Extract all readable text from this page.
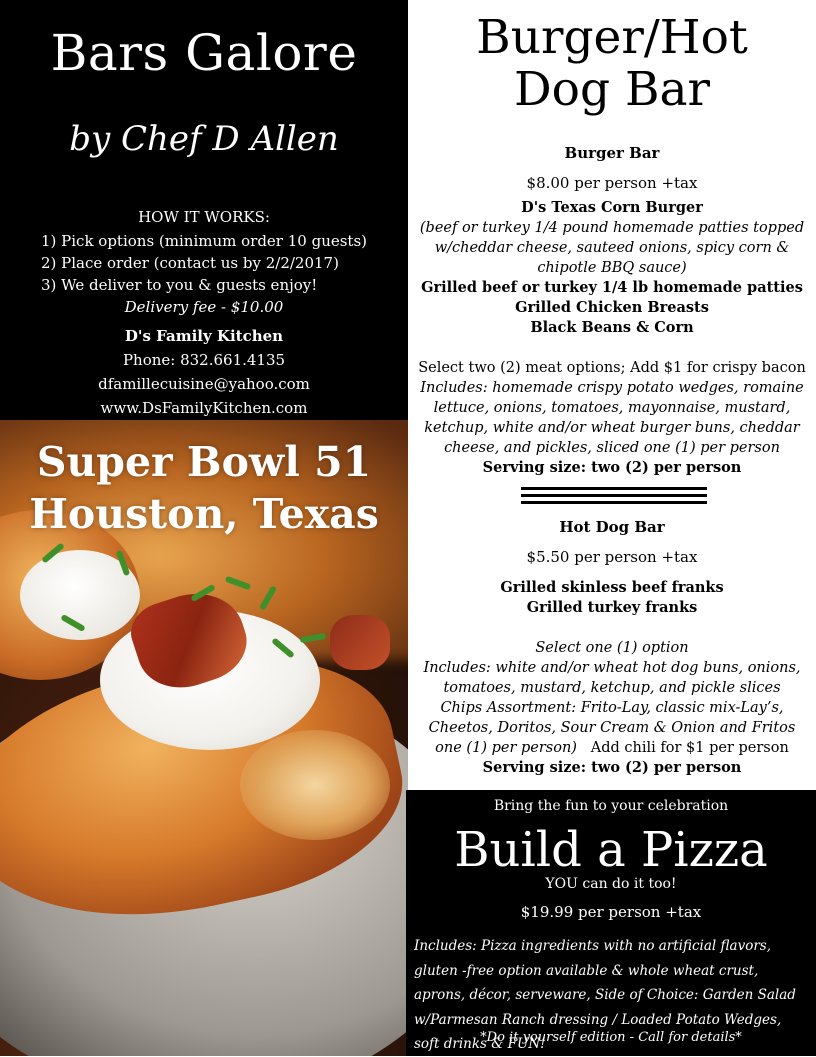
Bars Galore
by Chef D Allen
HOW IT WORKS:
1) Pick options (minimum order 10 guests)
2) Place order (contact us by 2/2/2017)
3) We deliver to you & guests enjoy!
Delivery fee - $10.00
D's Family Kitchen
Phone: 832.661.4135
dfamillecuisine@yahoo.com
www.DsFamilyKitchen.com
Super Bowl 51
Houston, Texas
Burger/Hot
Dog Bar
Burger Bar
$8.00 per person +tax
D's Texas Corn Burger
(beef or turkey 1/4 pound homemade patties topped w/cheddar cheese, sauteed onions, spicy corn & chipotle BBQ sauce)
Grilled beef or turkey 1/4 lb homemade patties
Grilled Chicken Breasts
Black Beans & Corn
Select two (2) meat options; Add $1 for crispy bacon
Includes: homemade crispy potato wedges, romaine lettuce, onions, tomatoes, mayonnaise, mustard, ketchup, white and/or wheat burger buns, cheddar cheese, and pickles, sliced one (1) per person
Serving size: two (2) per person
Hot Dog Bar
$5.50 per person +tax
Grilled skinless beef franks
Grilled turkey franks
Select one (1) option
Includes: white and/or wheat hot dog buns, onions, tomatoes, mustard, ketchup, and pickle slices
Chips Assortment: Frito-Lay, classic mix-Lay’s, Cheetos, Doritos, Sour Cream & Onion and Fritos one (1) per person) Add chili for $1 per person
Serving size: two (2) per person
Bring the fun to your celebration
Build a Pizza
YOU can do it too!
$19.99 per person +tax
Includes: Pizza ingredients with no artificial flavors, gluten -free option available & whole wheat crust, aprons, décor, serveware, Side of Choice: Garden Salad w/Parmesan Ranch dressing / Loaded Potato Wedges, soft drinks & FUN!
*Do it yourself edition - Call for details*
